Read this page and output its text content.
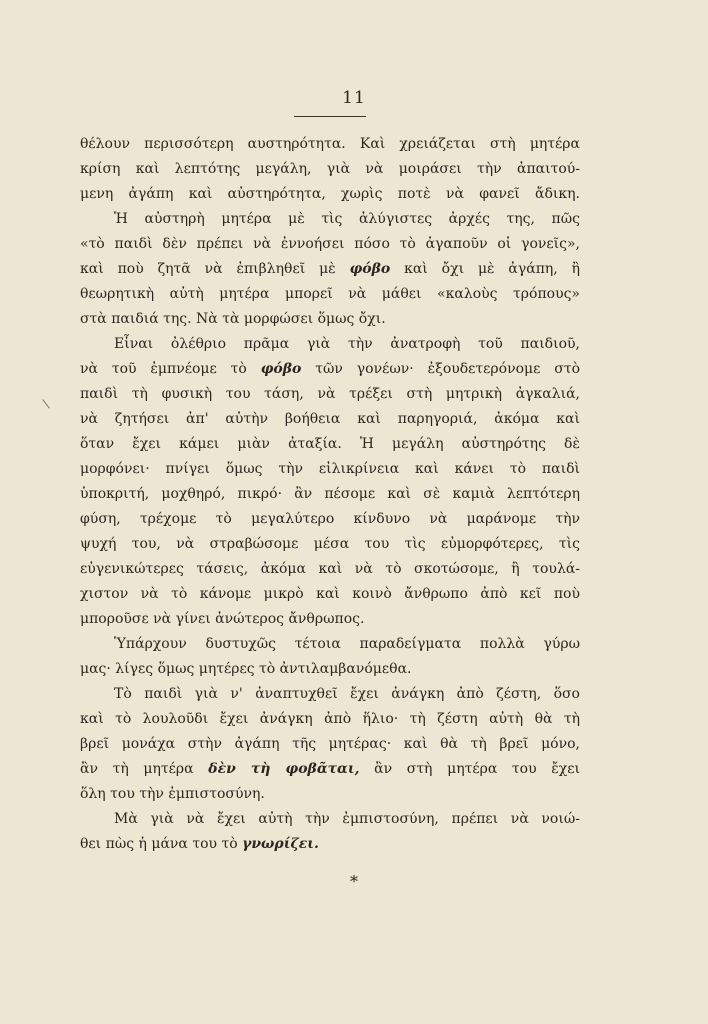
11
\
θέλουν περισσότερη αυστηρότητα. Καὶ χρειάζεται στὴ μητέρα
κρίση καὶ λεπτότης μεγάλη, γιὰ νὰ μοιράσει τὴν ἀπαιτού-
μενη ἀγάπη καὶ αὐστηρότητα, χωρὶς ποτὲ νὰ φανεῖ ἄδικη.
Ἡ αὐστηρὴ μητέρα μὲ τὶς ἀλύγιστες ἀρχές της, πῶς
«τὸ παιδὶ δὲν πρέπει νὰ ἐννοήσει πόσο τὸ ἀγαποῦν οἱ γονεῖς»,
καὶ ποὺ ζητᾶ νὰ ἐπιβληθεῖ μὲ φόβο καὶ ὄχι μὲ ἀγάπη, ἢ
θεωρητικὴ αὐτὴ μητέρα μπορεῖ νὰ μάθει «καλοὺς τρόπους»
στὰ παιδιά της. Νὰ τὰ μορφώσει ὅμως ὄχι.
Εἶναι ὀλέθριο πρᾶμα γιὰ τὴν ἀνατροφὴ τοῦ παιδιοῦ,
νὰ τοῦ ἐμπνέομε τὸ φόβο τῶν γονέων· ἐξουδετερόνομε στὸ
παιδὶ τὴ φυσικὴ του τάση, νὰ τρέξει στὴ μητρικὴ ἀγκαλιά,
νὰ ζητήσει ἀπ' αὐτὴν βοήθεια καὶ παρηγοριά, ἀκόμα καὶ
ὅταν ἔχει κάμει μιὰν ἀταξία. Ἡ μεγάλη αὐστηρότης δὲ
μορφόνει· πνίγει ὅμως τὴν εἰλικρίνεια καὶ κάνει τὸ παιδὶ
ὑποκριτή, μοχθηρό, πικρό· ἂν πέσομε καὶ σὲ καμιὰ λεπτότερη
φύση, τρέχομε τὸ μεγαλύτερο κίνδυνο νὰ μαράνομε τὴν
ψυχή του, νὰ στραβώσομε μέσα του τὶς εὐμορφότερες, τὶς
εὐγενικώτερες τάσεις, ἀκόμα καὶ νὰ τὸ σκοτώσομε, ἢ τουλά-
χιστον νὰ τὸ κάνομε μικρὸ καὶ κοινὸ ἄνθρωπο ἀπὸ κεῖ ποὺ
μποροῦσε νὰ γίνει ἀνώτερος ἄνθρωπος.
Ὑπάρχουν δυστυχῶς τέτοια παραδείγματα πολλὰ γύρω
μας· λίγες ὅμως μητέρες τὸ ἀντιλαμβανόμεθα.
Τὸ παιδὶ γιὰ ν' ἀναπτυχθεῖ ἔχει ἀνάγκη ἀπὸ ζέστη, ὅσο
καὶ τὸ λουλοῦδι ἔχει ἀνάγκη ἀπὸ ἥλιο· τὴ ζέστη αὐτὴ θὰ τὴ
βρεῖ μονάχα στὴν ἀγάπη τῆς μητέρας· καὶ θὰ τὴ βρεῖ μόνο,
ἂν τὴ μητέρα δὲν τὴ φοβᾶται, ἂν στὴ μητέρα του ἔχει
ὅλη του τὴν ἐμπιστοσύνη.
Μὰ γιὰ νὰ ἔχει αὐτὴ τὴν ἐμπιστοσύνη, πρέπει νὰ νοιώ-
θει πὼς ἡ μάνα του τὸ γνωρίζει.
*
